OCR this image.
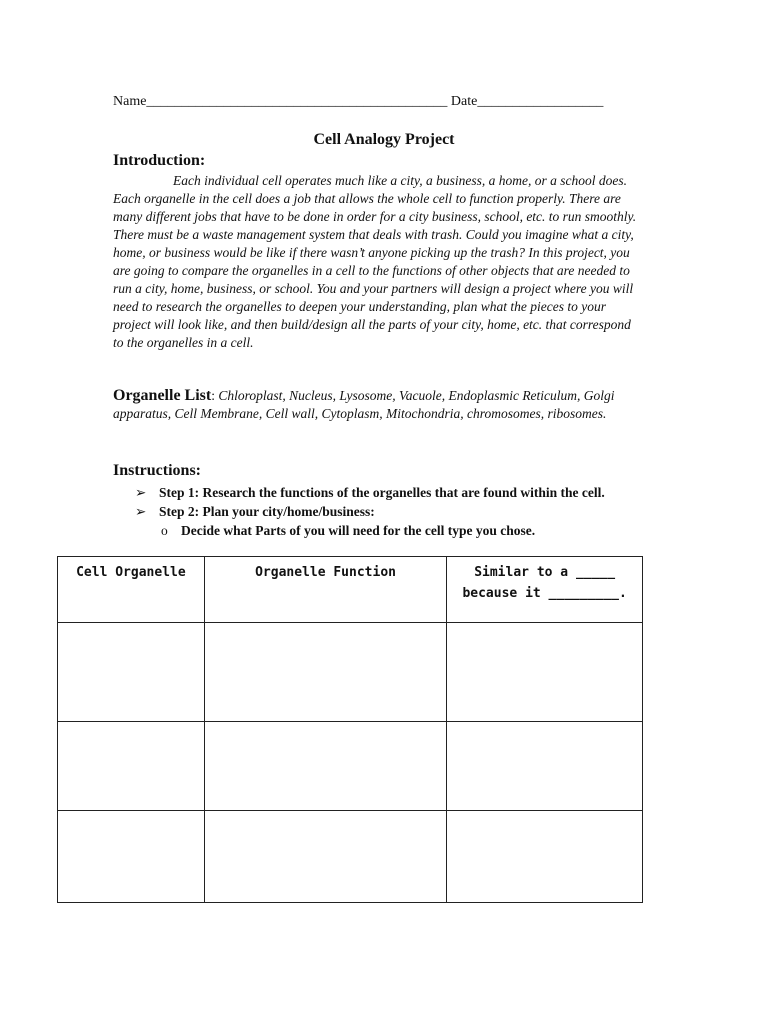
Name___________________________________________ Date__________________
Cell Analogy Project
Introduction:

Each individual cell operates much like a city, a business, a home, or a school does. Each organelle in the cell does a job that allows the whole cell to function properly. There are many different jobs that have to be done in order for a city business, school, etc. to run smoothly. There must be a waste management system that deals with trash. Could you imagine what a city, home, or business would be like if there wasn’t anyone picking up the trash? In this project, you are going to compare the organelles in a cell to the functions of other objects that are needed to run a city, home, business, or school. You and your partners will design a project where you will need to research the organelles to deepen your understanding, plan what the pieces to your project will look like, and then build/design all the parts of your city, home, etc. that correspond to the organelles in a cell.

Organelle List: Chloroplast, Nucleus, Lysosome, Vacuole, Endoplasmic Reticulum, Golgi apparatus, Cell Membrane, Cell wall, Cytoplasm, Mitochondria, chromosomes, ribosomes.
Instructions:
➢ Step 1: Research the functions of the organelles that are found within the cell.
➢ Step 2: Plan your city/home/business:
o Decide what Parts of you will need for the cell type you chose.
Cell Organelle	Organelle Function	Similar to a _____
because it _________.
